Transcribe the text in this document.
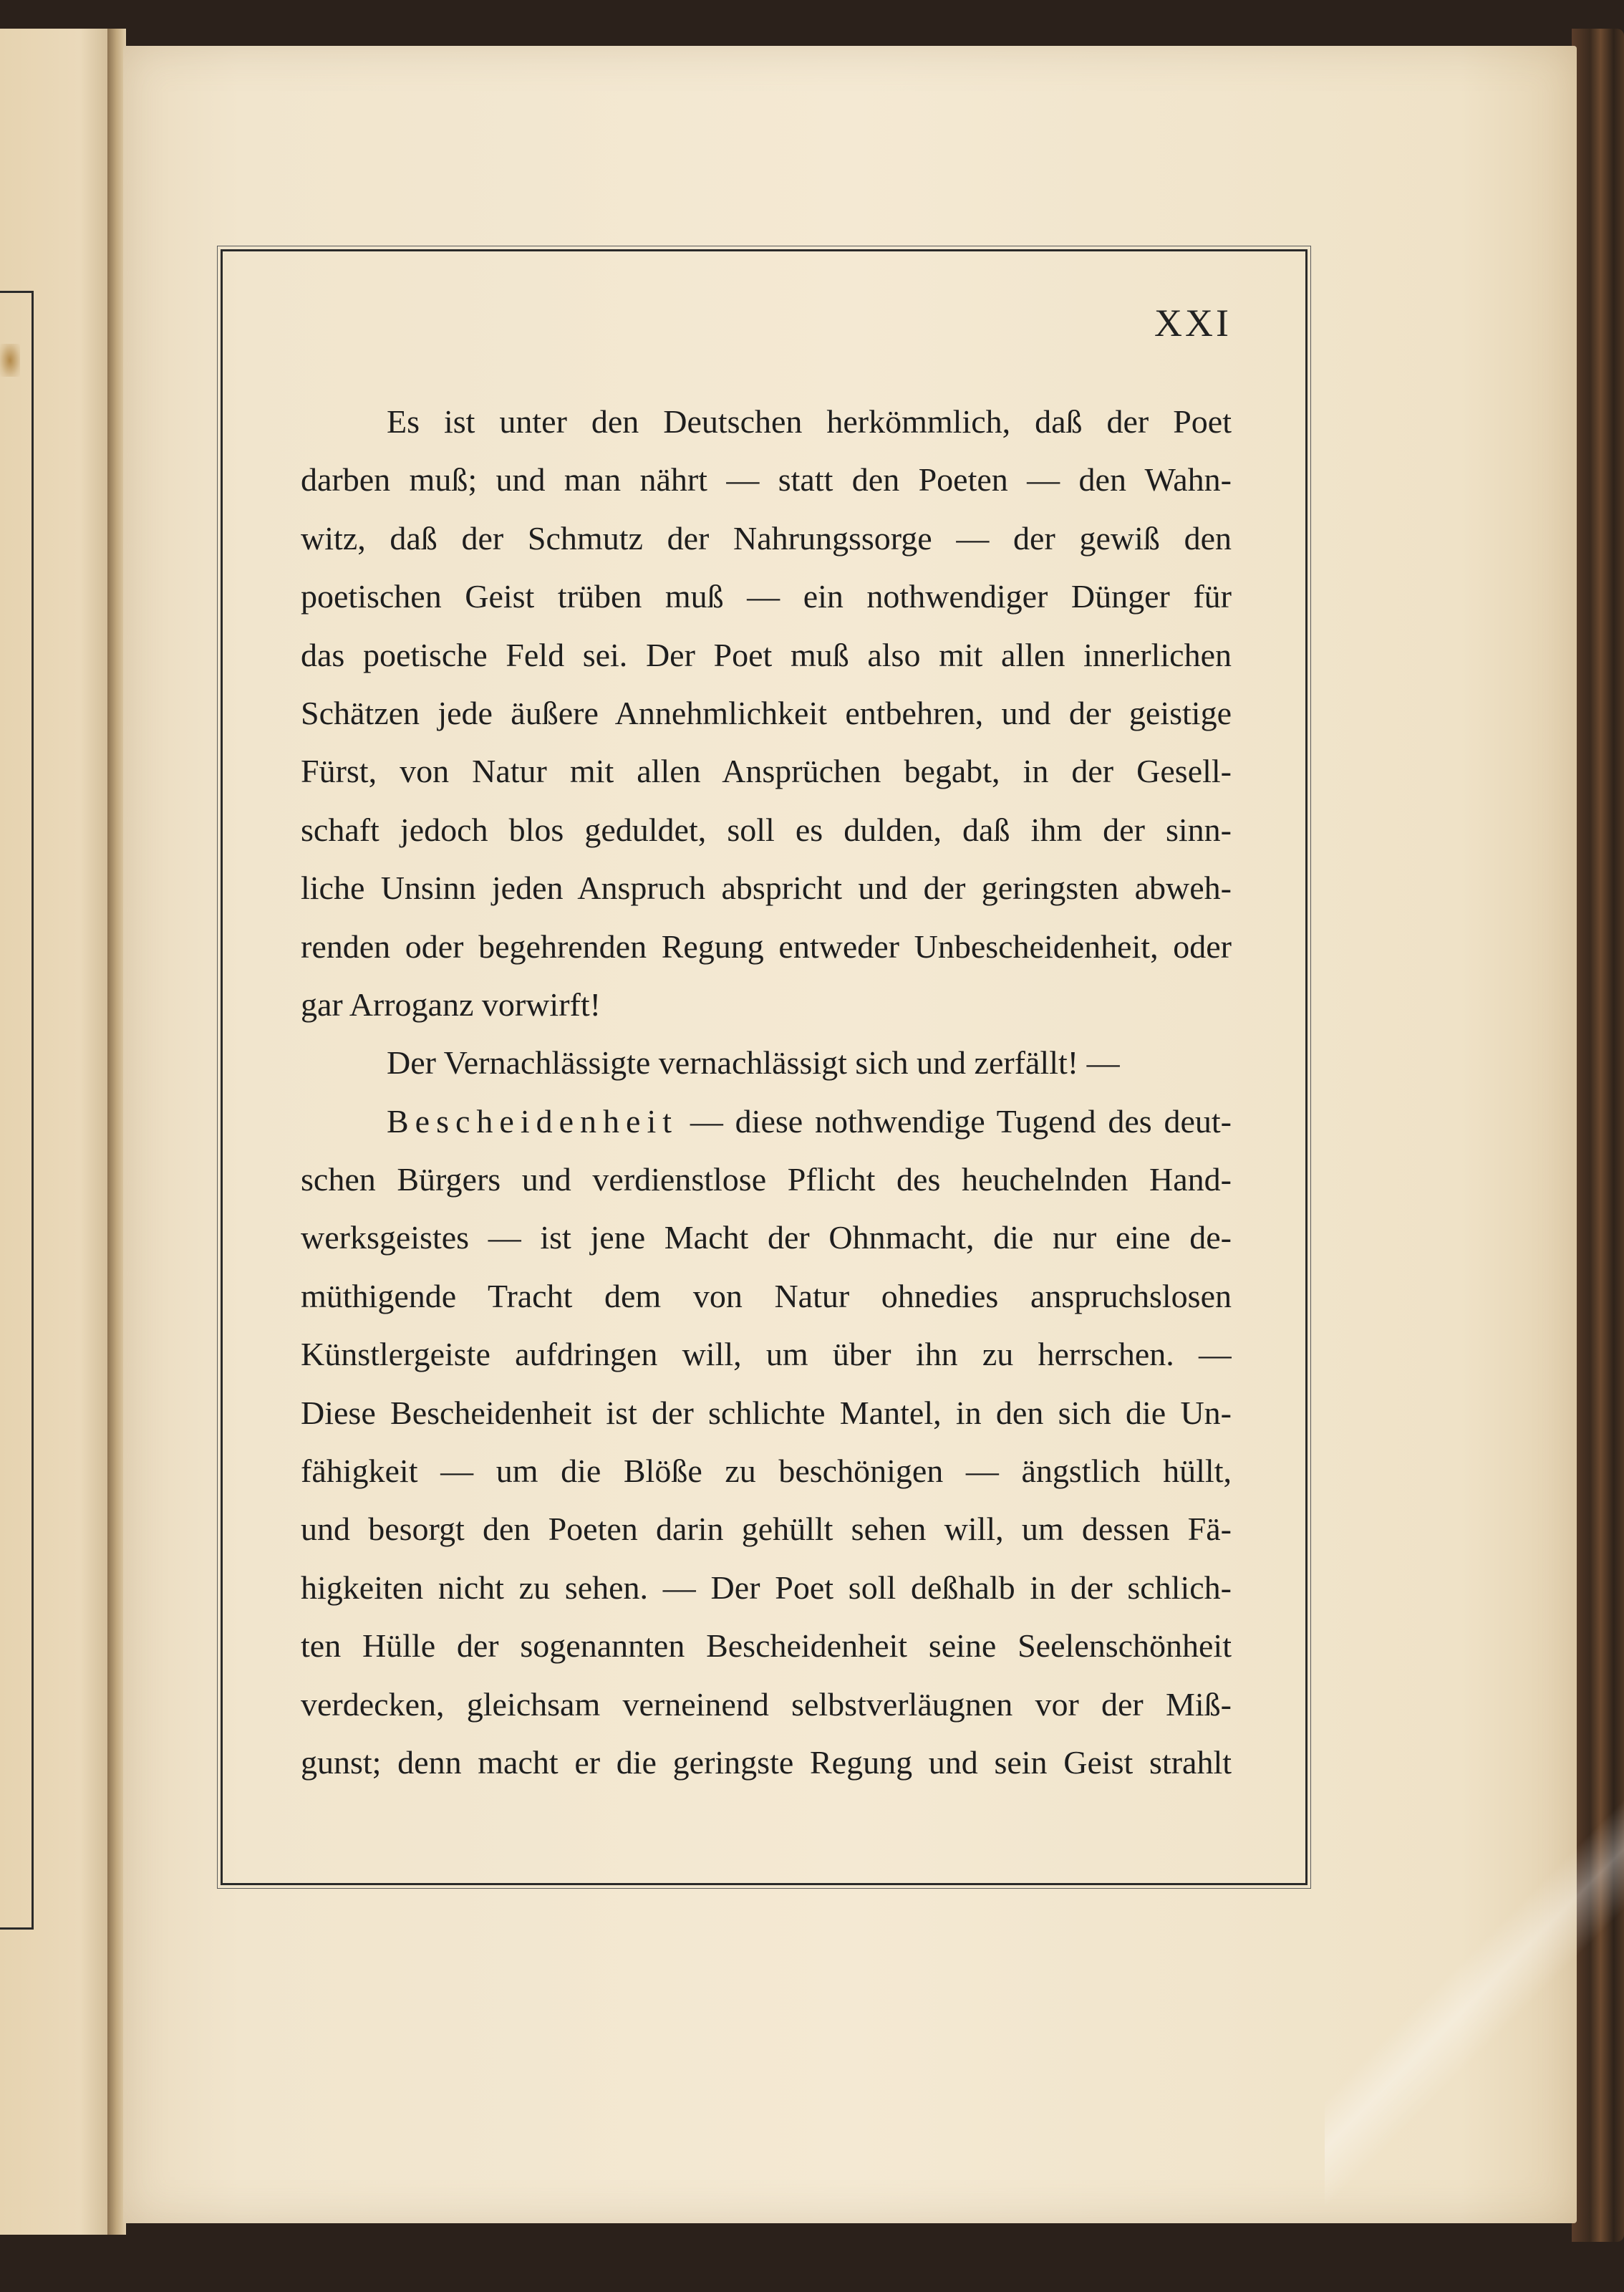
XXI
Es ist unter den Deutschen herkömmlich, daß der Poet
darben muß; und man nährt — statt den Poeten — den Wahn-
witz, daß der Schmutz der Nahrungssorge — der gewiß den
poetischen Geist trüben muß — ein nothwendiger Dünger für
das poetische Feld sei. Der Poet muß also mit allen innerlichen
Schätzen jede äußere Annehmlichkeit entbehren, und der geistige
Fürst, von Natur mit allen Ansprüchen begabt, in der Gesell-
schaft jedoch blos geduldet, soll es dulden, daß ihm der sinn-
liche Unsinn jeden Anspruch abspricht und der geringsten abweh-
renden oder begehrenden Regung entweder Unbescheidenheit, oder
gar Arroganz vorwirft!
Der Vernachlässigte vernachlässigt sich und zerfällt! —
Bescheidenheit — diese nothwendige Tugend des deut-
schen Bürgers und verdienstlose Pflicht des heuchelnden Hand-
werksgeistes — ist jene Macht der Ohnmacht, die nur eine de-
müthigende Tracht dem von Natur ohnedies anspruchslosen
Künstlergeiste aufdringen will, um über ihn zu herrschen. —
Diese Bescheidenheit ist der schlichte Mantel, in den sich die Un-
fähigkeit — um die Blöße zu beschönigen — ängstlich hüllt,
und besorgt den Poeten darin gehüllt sehen will, um dessen Fä-
higkeiten nicht zu sehen. — Der Poet soll deßhalb in der schlich-
ten Hülle der sogenannten Bescheidenheit seine Seelenschönheit
verdecken, gleichsam verneinend selbstverläugnen vor der Miß-
gunst; denn macht er die geringste Regung und sein Geist strahlt
